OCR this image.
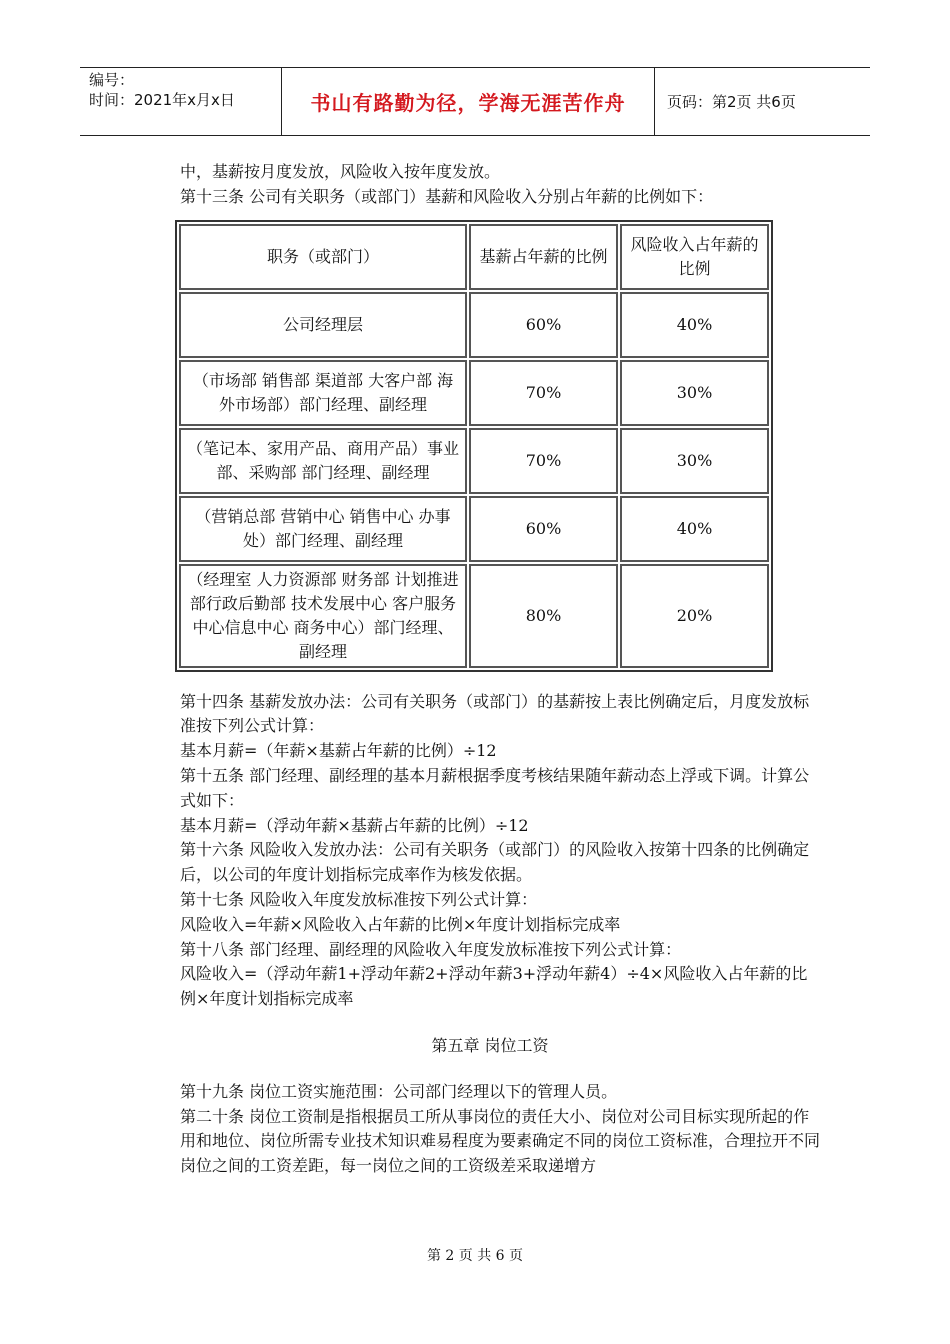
编号：
时间：2021年x月x日	书山有路勤为径，学海无涯苦作舟	页码：第2页 共6页

中，基薪按月度发放，风险收入按年度发放。

第十三条 公司有关职务（或部门）基薪和风险收入分别占年薪的比例如下：

职务（或部门）	基薪占年薪的比例	风险收入占年薪的比例
公司经理层	60%	40%
（市场部 销售部 渠道部 大客户部 海外市场部）部门经理、副经理	70%	30%
（笔记本、家用产品、商用产品）事业部、采购部 部门经理、副经理	70%	30%
（营销总部 营销中心 销售中心 办事处）部门经理、副经理	60%	40%
（经理室 人力资源部 财务部 计划推进部行政后勤部 技术发展中心 客户服务中心信息中心 商务中心）部门经理、副经理	80%	20%

第十四条 基薪发放办法：公司有关职务（或部门）的基薪按上表比例确定后，月度发放标准按下列公式计算：

基本月薪=（年薪×基薪占年薪的比例）÷12

第十五条 部门经理、副经理的基本月薪根据季度考核结果随年薪动态上浮或下调。计算公式如下：

基本月薪=（浮动年薪×基薪占年薪的比例）÷12

第十六条 风险收入发放办法：公司有关职务（或部门）的风险收入按第十四条的比例确定后，以公司的年度计划指标完成率作为核发依据。

第十七条 风险收入年度发放标准按下列公式计算：

风险收入=年薪×风险收入占年薪的比例×年度计划指标完成率

第十八条 部门经理、副经理的风险收入年度发放标准按下列公式计算：

风险收入=（浮动年薪1+浮动年薪2+浮动年薪3+浮动年薪4）÷4×风险收入占年薪的比例×年度计划指标完成率

第五章 岗位工资

第十九条 岗位工资实施范围：公司部门经理以下的管理人员。

第二十条 岗位工资制是指根据员工所从事岗位的责任大小、岗位对公司目标实现所起的作用和地位、岗位所需专业技术知识难易程度为要素确定不同的岗位工资标准，合理拉开不同岗位之间的工资差距，每一岗位之间的工资级差采取递增方

第 2 页 共 6 页
